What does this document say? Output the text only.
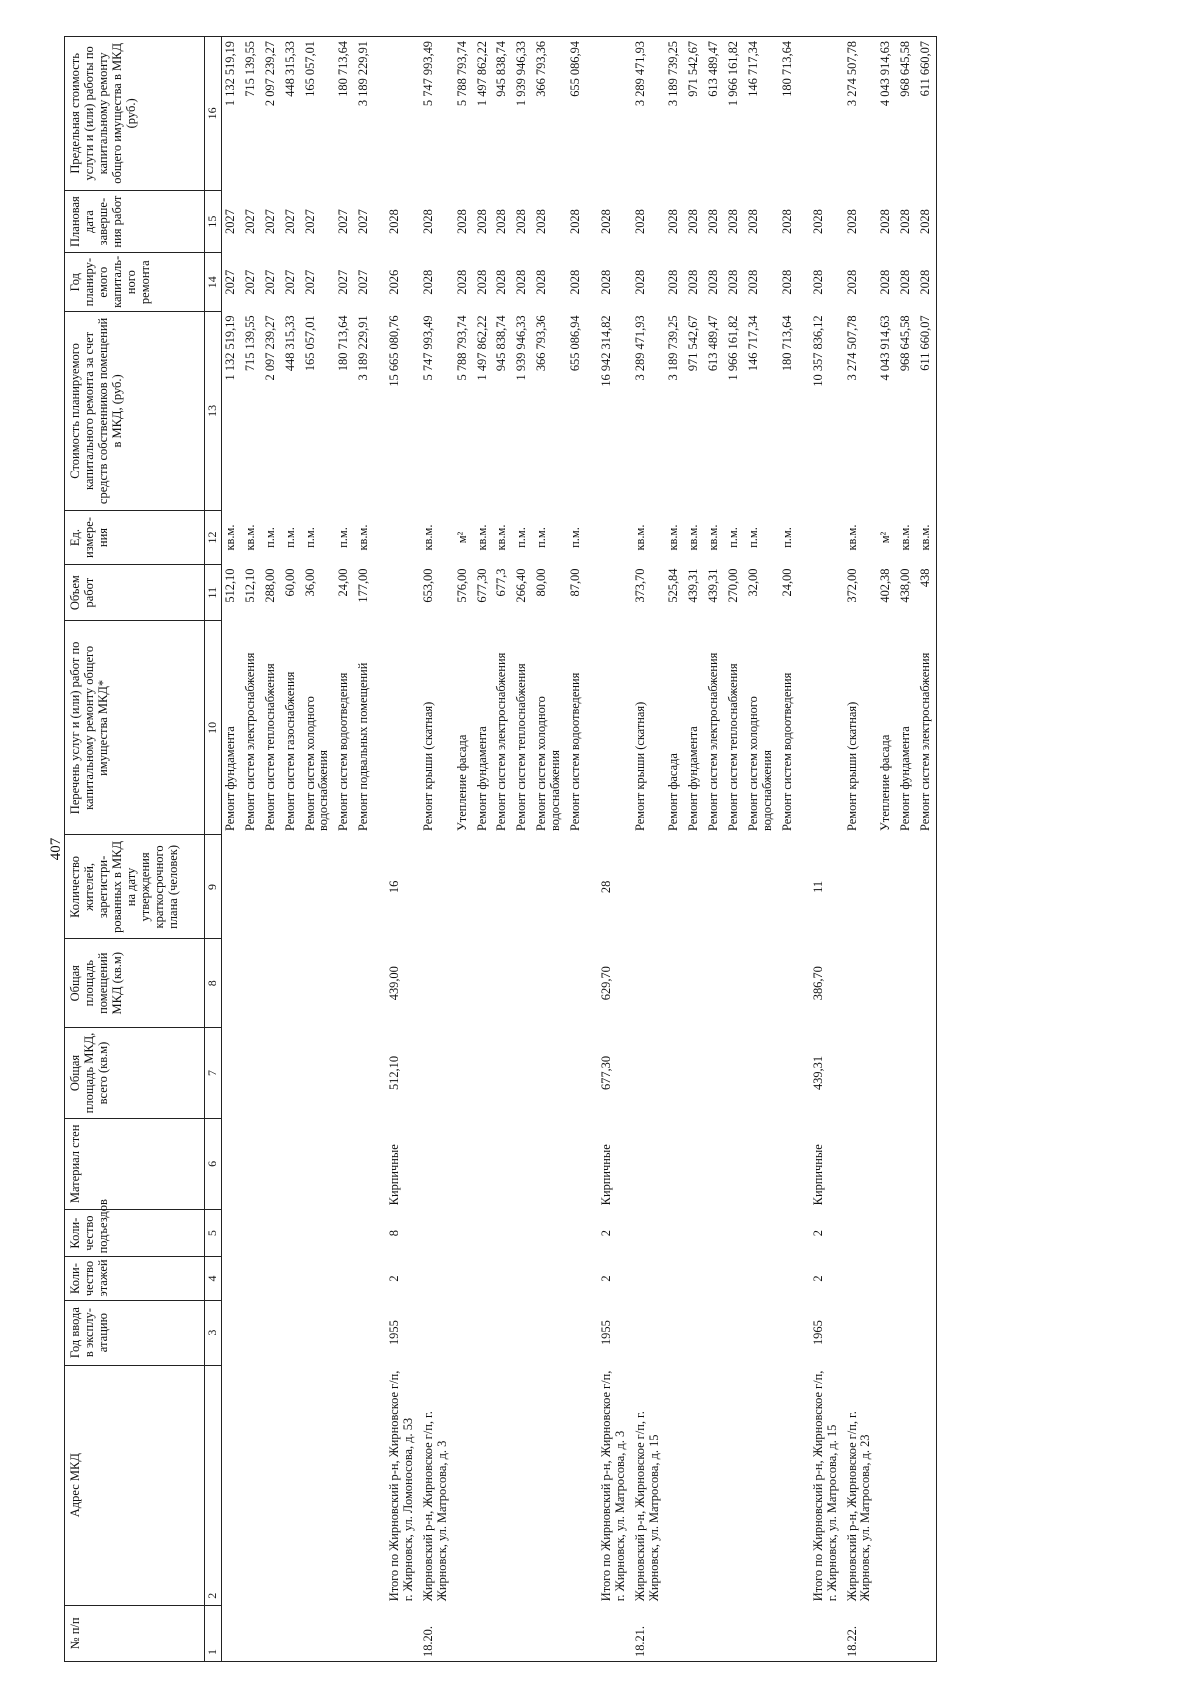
407
№ п/п	Адрес МКД	Год ввода в эксплу-атацию	Коли-чество этажей	Коли-чество подъездов	Материал стен	Общая площадь МКД, всего (кв.м)	Общая площадь помещений МКД (кв.м)	Количество жителей, зарегистри-рованных в МКД на дату утверждения краткосрочного плана (человек)	Перечень услуг и (или) работ по капитальному ремонту общего имущества МКД*	Объем работ	Ед. измере-ния	Стоимость планируемого капитального ремонта за счет средств собственников помещений в МКД, (руб.)	Год планиру-емого капиталь-ного ремонта	Плановая дата заверше-ния работ	Предельная стоимость услуги и (или) работы по капитальному ремонту общего имущества в МКД (руб.)
1	2	3	4	5	6	7	8	9	10	11	12	13	14	15	16
									Ремонт фундамента	512,10	кв.м.	1 132 519,19	2027	2027	1 132 519,19
									Ремонт систем электроснабжения	512,10	кв.м.	715 139,55	2027	2027	715 139,55
									Ремонт систем теплоснабжения	288,00	п.м.	2 097 239,27	2027	2027	2 097 239,27
									Ремонт систем газоснабжения	60,00	п.м.	448 315,33	2027	2027	448 315,33
									Ремонт систем холодного водоснабжения	36,00	п.м.	165 057,01	2027	2027	165 057,01
									Ремонт систем водоотведения	24,00	п.м.	180 713,64	2027	2027	180 713,64
									Ремонт подвальных помещений	177,00	кв.м.	3 189 229,91	2027	2027	3 189 229,91
	Итого по Жирновский р-н, Жирновское г/п, г. Жирновск, ул. Ломоносова, д. 53	1955	2	8	Кирпичные	512,10	439,00	16				15 665 080,76	2026	2028	
18.20.	Жирновский р-н, Жирновское г/п, г. Жирновск, ул. Матросова, д. 3								Ремонт крыши (скатная)	653,00	кв.м.	5 747 993,49	2028	2028	5 747 993,49
									Утепление фасада	576,00	м²	5 788 793,74	2028	2028	5 788 793,74
									Ремонт фундамента	677,30	кв.м.	1 497 862,22	2028	2028	1 497 862,22
									Ремонт систем электроснабжения	677,3	кв.м.	945 838,74	2028	2028	945 838,74
									Ремонт систем теплоснабжения	266,40	п.м.	1 939 946,33	2028	2028	1 939 946,33
									Ремонт систем холодного водоснабжения	80,00	п.м.	366 793,36	2028	2028	366 793,36
									Ремонт систем водоотведения	87,00	п.м.	655 086,94	2028	2028	655 086,94
	Итого по Жирновский р-н, Жирновское г/п, г. Жирновск, ул. Матросова, д. 3	1955	2	2	Кирпичные	677,30	629,70	28				16 942 314,82	2028	2028	
18.21.	Жирновский р-н, Жирновское г/п, г. Жирновск, ул. Матросова, д. 15								Ремонт крыши (скатная)	373,70	кв.м.	3 289 471,93	2028	2028	3 289 471,93
									Ремонт фасада	525,84	кв.м.	3 189 739,25	2028	2028	3 189 739,25
									Ремонт фундамента	439,31	кв.м.	971 542,67	2028	2028	971 542,67
									Ремонт систем электроснабжения	439,31	кв.м.	613 489,47	2028	2028	613 489,47
									Ремонт систем теплоснабжения	270,00	п.м.	1 966 161,82	2028	2028	1 966 161,82
									Ремонт систем холодного водоснабжения	32,00	п.м.	146 717,34	2028	2028	146 717,34
									Ремонт систем водоотведения	24,00	п.м.	180 713,64	2028	2028	180 713,64
	Итого по Жирновский р-н, Жирновское г/п, г. Жирновск, ул. Матросова, д. 15	1965	2	2	Кирпичные	439,31	386,70	11				10 357 836,12	2028	2028	
18.22.	Жирновский р-н, Жирновское г/п, г. Жирновск, ул. Матросова, д. 23								Ремонт крыши (скатная)	372,00	кв.м.	3 274 507,78	2028	2028	3 274 507,78
									Утепление фасада	402,38	м²	4 043 914,63	2028	2028	4 043 914,63
									Ремонт фундамента	438,00	кв.м.	968 645,58	2028	2028	968 645,58
									Ремонт систем электроснабжения	438	кв.м.	611 660,07	2028	2028	611 660,07
